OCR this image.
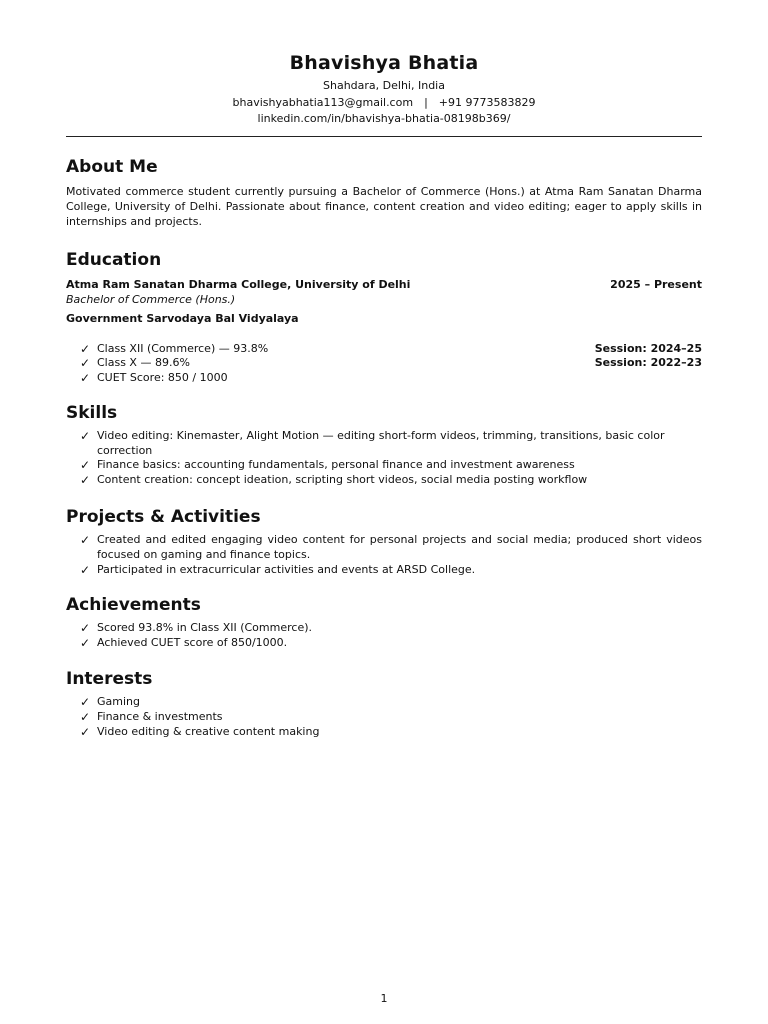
Bhavishya Bhatia
Shahdara, Delhi, India
bhavishyabhatia113@gmail.com | +91 9773583829
linkedin.com/in/bhavishya-bhatia-08198b369/
About Me

Motivated commerce student currently pursuing a Bachelor of Commerce (Hons.) at Atma Ram Sanatan Dharma College, University of Delhi. Passionate about finance, content creation and video editing; eager to apply skills in internships and projects.

Education
Atma Ram Sanatan Dharma College, University of Delhi	2025 – Present
Bachelor of Commerce (Hons.)
Government Sarvodaya Bal Vidyalaya
✓ Class XII (Commerce) — 93.8%	Session: 2024–25
✓ Class X — 89.6%	Session: 2022–23
✓ CUET Score: 850 / 1000
Skills
✓ Video editing: Kinemaster, Alight Motion — editing short-form videos, trimming, transitions, basic color correction
✓ Finance basics: accounting fundamentals, personal finance and investment awareness
✓ Content creation: concept ideation, scripting short videos, social media posting workflow
Projects & Activities
✓ Created and edited engaging video content for personal projects and social media; produced short videos focused on gaming and finance topics.
✓ Participated in extracurricular activities and events at ARSD College.
Achievements
✓ Scored 93.8% in Class XII (Commerce).
✓ Achieved CUET score of 850/1000.
Interests
✓ Gaming
✓ Finance & investments
✓ Video editing & creative content making
1
